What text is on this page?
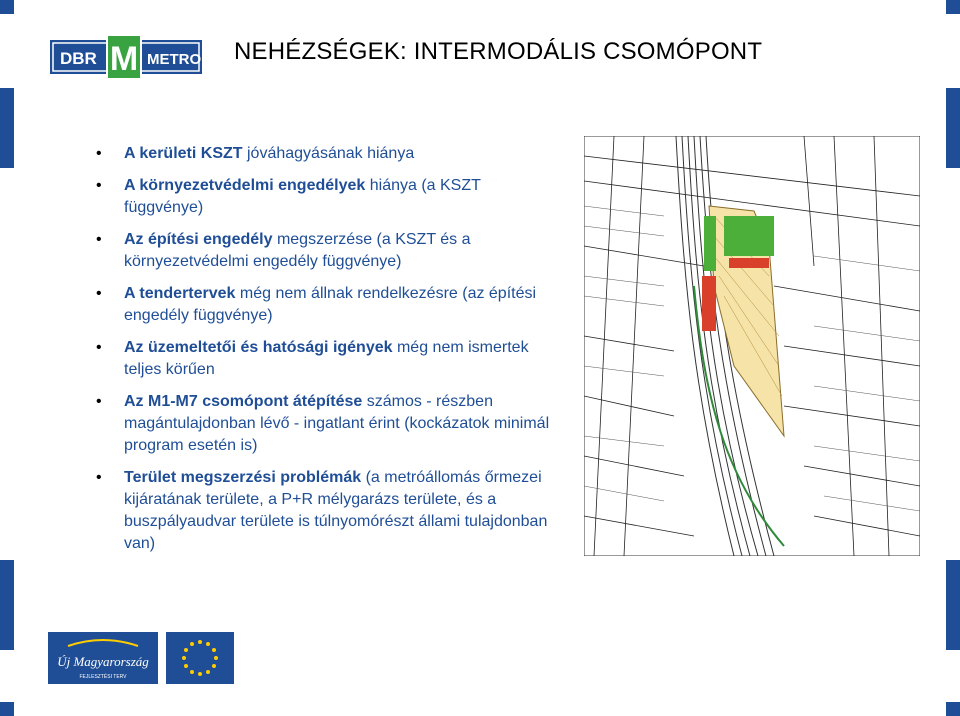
DBR M METRO NEHÉZSÉGEK: INTERMODÁLIS CSOMÓPONT
• A kerületi KSZT jóváhagyásának hiánya
• A környezetvédelmi engedélyek hiánya (a KSZT függvénye)
• Az építési engedély megszerzése (a KSZT és a környezetvédelmi engedély függvénye)
• A tendertervek még nem állnak rendelkezésre (az építési engedély függvénye)
• Az üzemeltetői és hatósági igények még nem ismertek teljes körűen
• Az M1-M7 csomópont átépítése számos - részben magántulajdonban lévő - ingatlant érint (kockázatok minimál program esetén is)
• Terület megszerzési problémák (a metróállomás őrmezei kijáratának területe, a P+R mélygarázs területe, és a buszpályaudvar területe is túlnyomórészt állami tulajdonban van)
Új Magyarország
FEJLESZTÉSI TERV
